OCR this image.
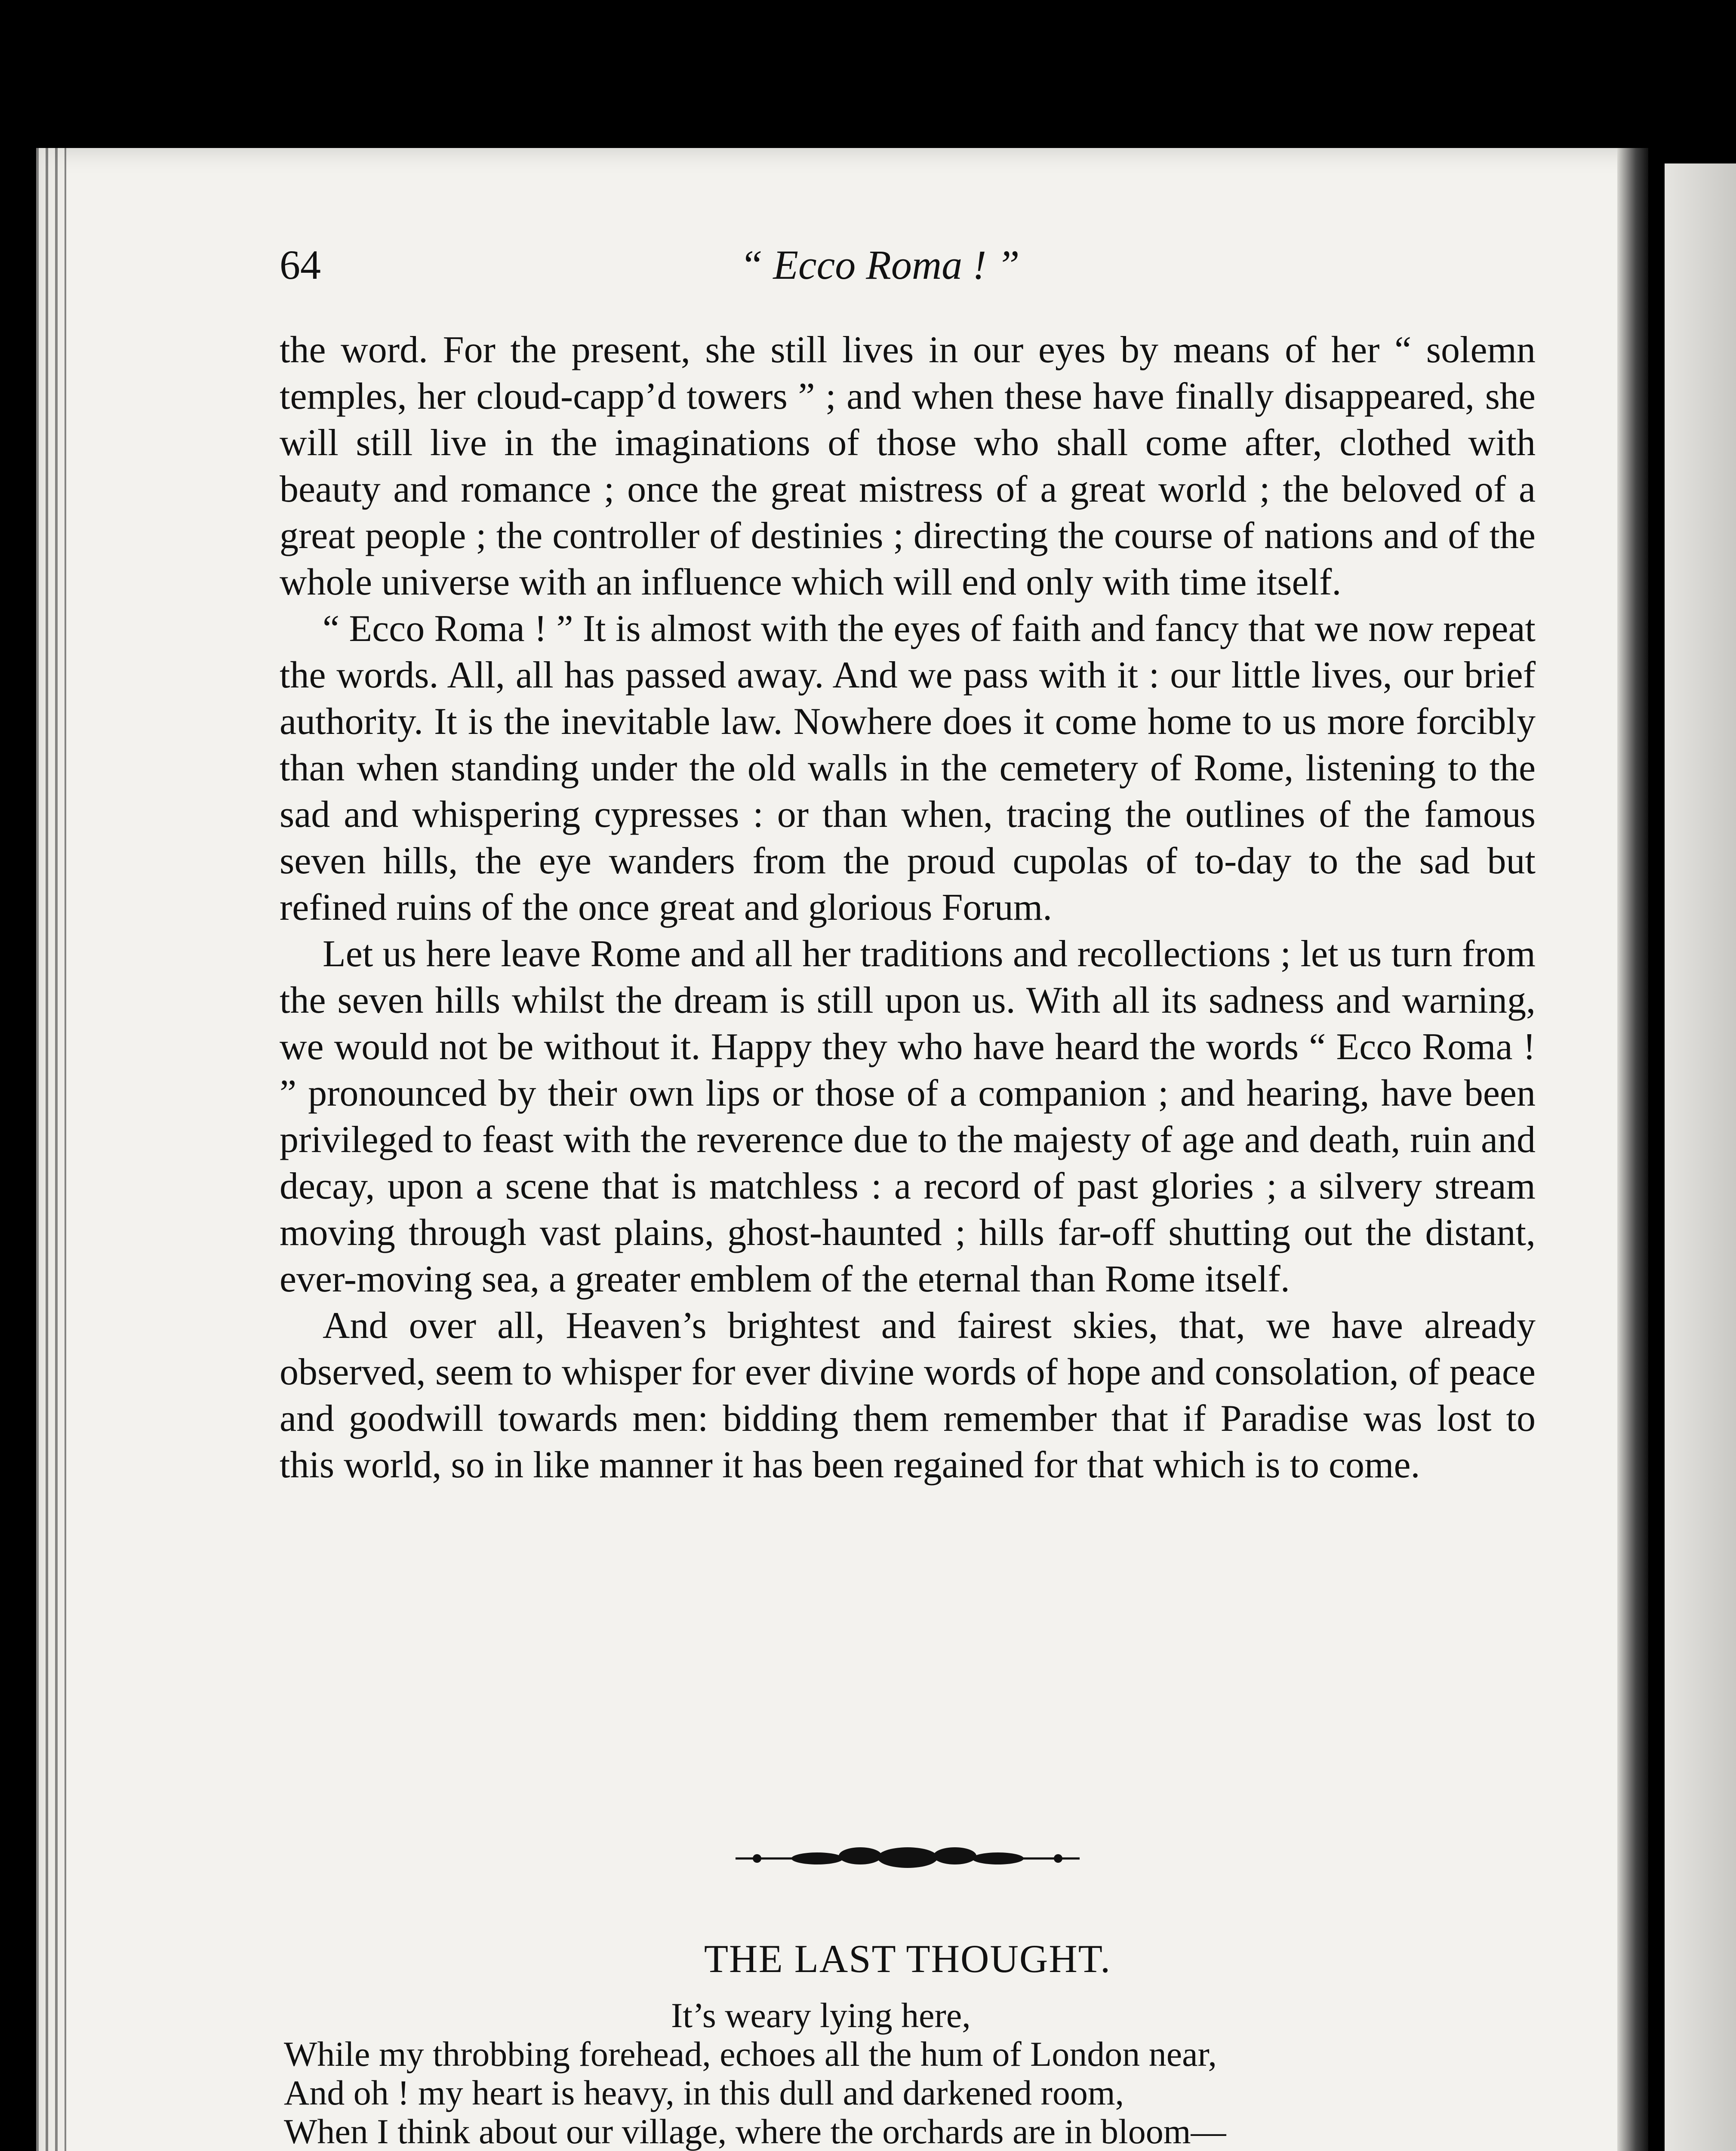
64	“ Ecco Roma ! ”

the word. For the present, she still lives in our eyes by means of her “ solemn temples, her cloud-capp’d towers ” ; and when these have finally disappeared, she will still live in the imaginations of those who shall come after, clothed with beauty and romance ; once the great mistress of a great world ; the beloved of a great people ; the controller of destinies ; directing the course of nations and of the whole universe with an influence which will end only with time itself.

“ Ecco Roma ! ” It is almost with the eyes of faith and fancy that we now repeat the words. All, all has passed away. And we pass with it : our little lives, our brief authority. It is the inevitable law. Nowhere does it come home to us more forcibly than when standing under the old walls in the cemetery of Rome, listening to the sad and whispering cypresses : or than when, tracing the outlines of the famous seven hills, the eye wanders from the proud cupolas of to-day to the sad but refined ruins of the once great and glorious Forum.

Let us here leave Rome and all her traditions and recollections ; let us turn from the seven hills whilst the dream is still upon us. With all its sadness and warning, we would not be without it. Happy they who have heard the words “ Ecco Roma ! ” pronounced by their own lips or those of a companion ; and hearing, have been privileged to feast with the reverence due to the majesty of age and death, ruin and decay, upon a scene that is matchless : a record of past glories ; a silvery stream moving through vast plains, ghost-haunted ; hills far-off shutting out the distant, ever-moving sea, a greater emblem of the eternal than Rome itself.

And over all, Heaven’s brightest and fairest skies, that, we have already observed, seem to whisper for ever divine words of hope and consolation, of peace and goodwill towards men: bidding them remember that if Paradise was lost to this world, so in like manner it has been regained for that which is to come.

THE LAST THOUGHT.
It’s weary lying here,
While my throbbing forehead, echoes all the hum of London near,
And oh ! my heart is heavy, in this dull and darkened room,
When I think about our village, where the orchards are in bloom—
